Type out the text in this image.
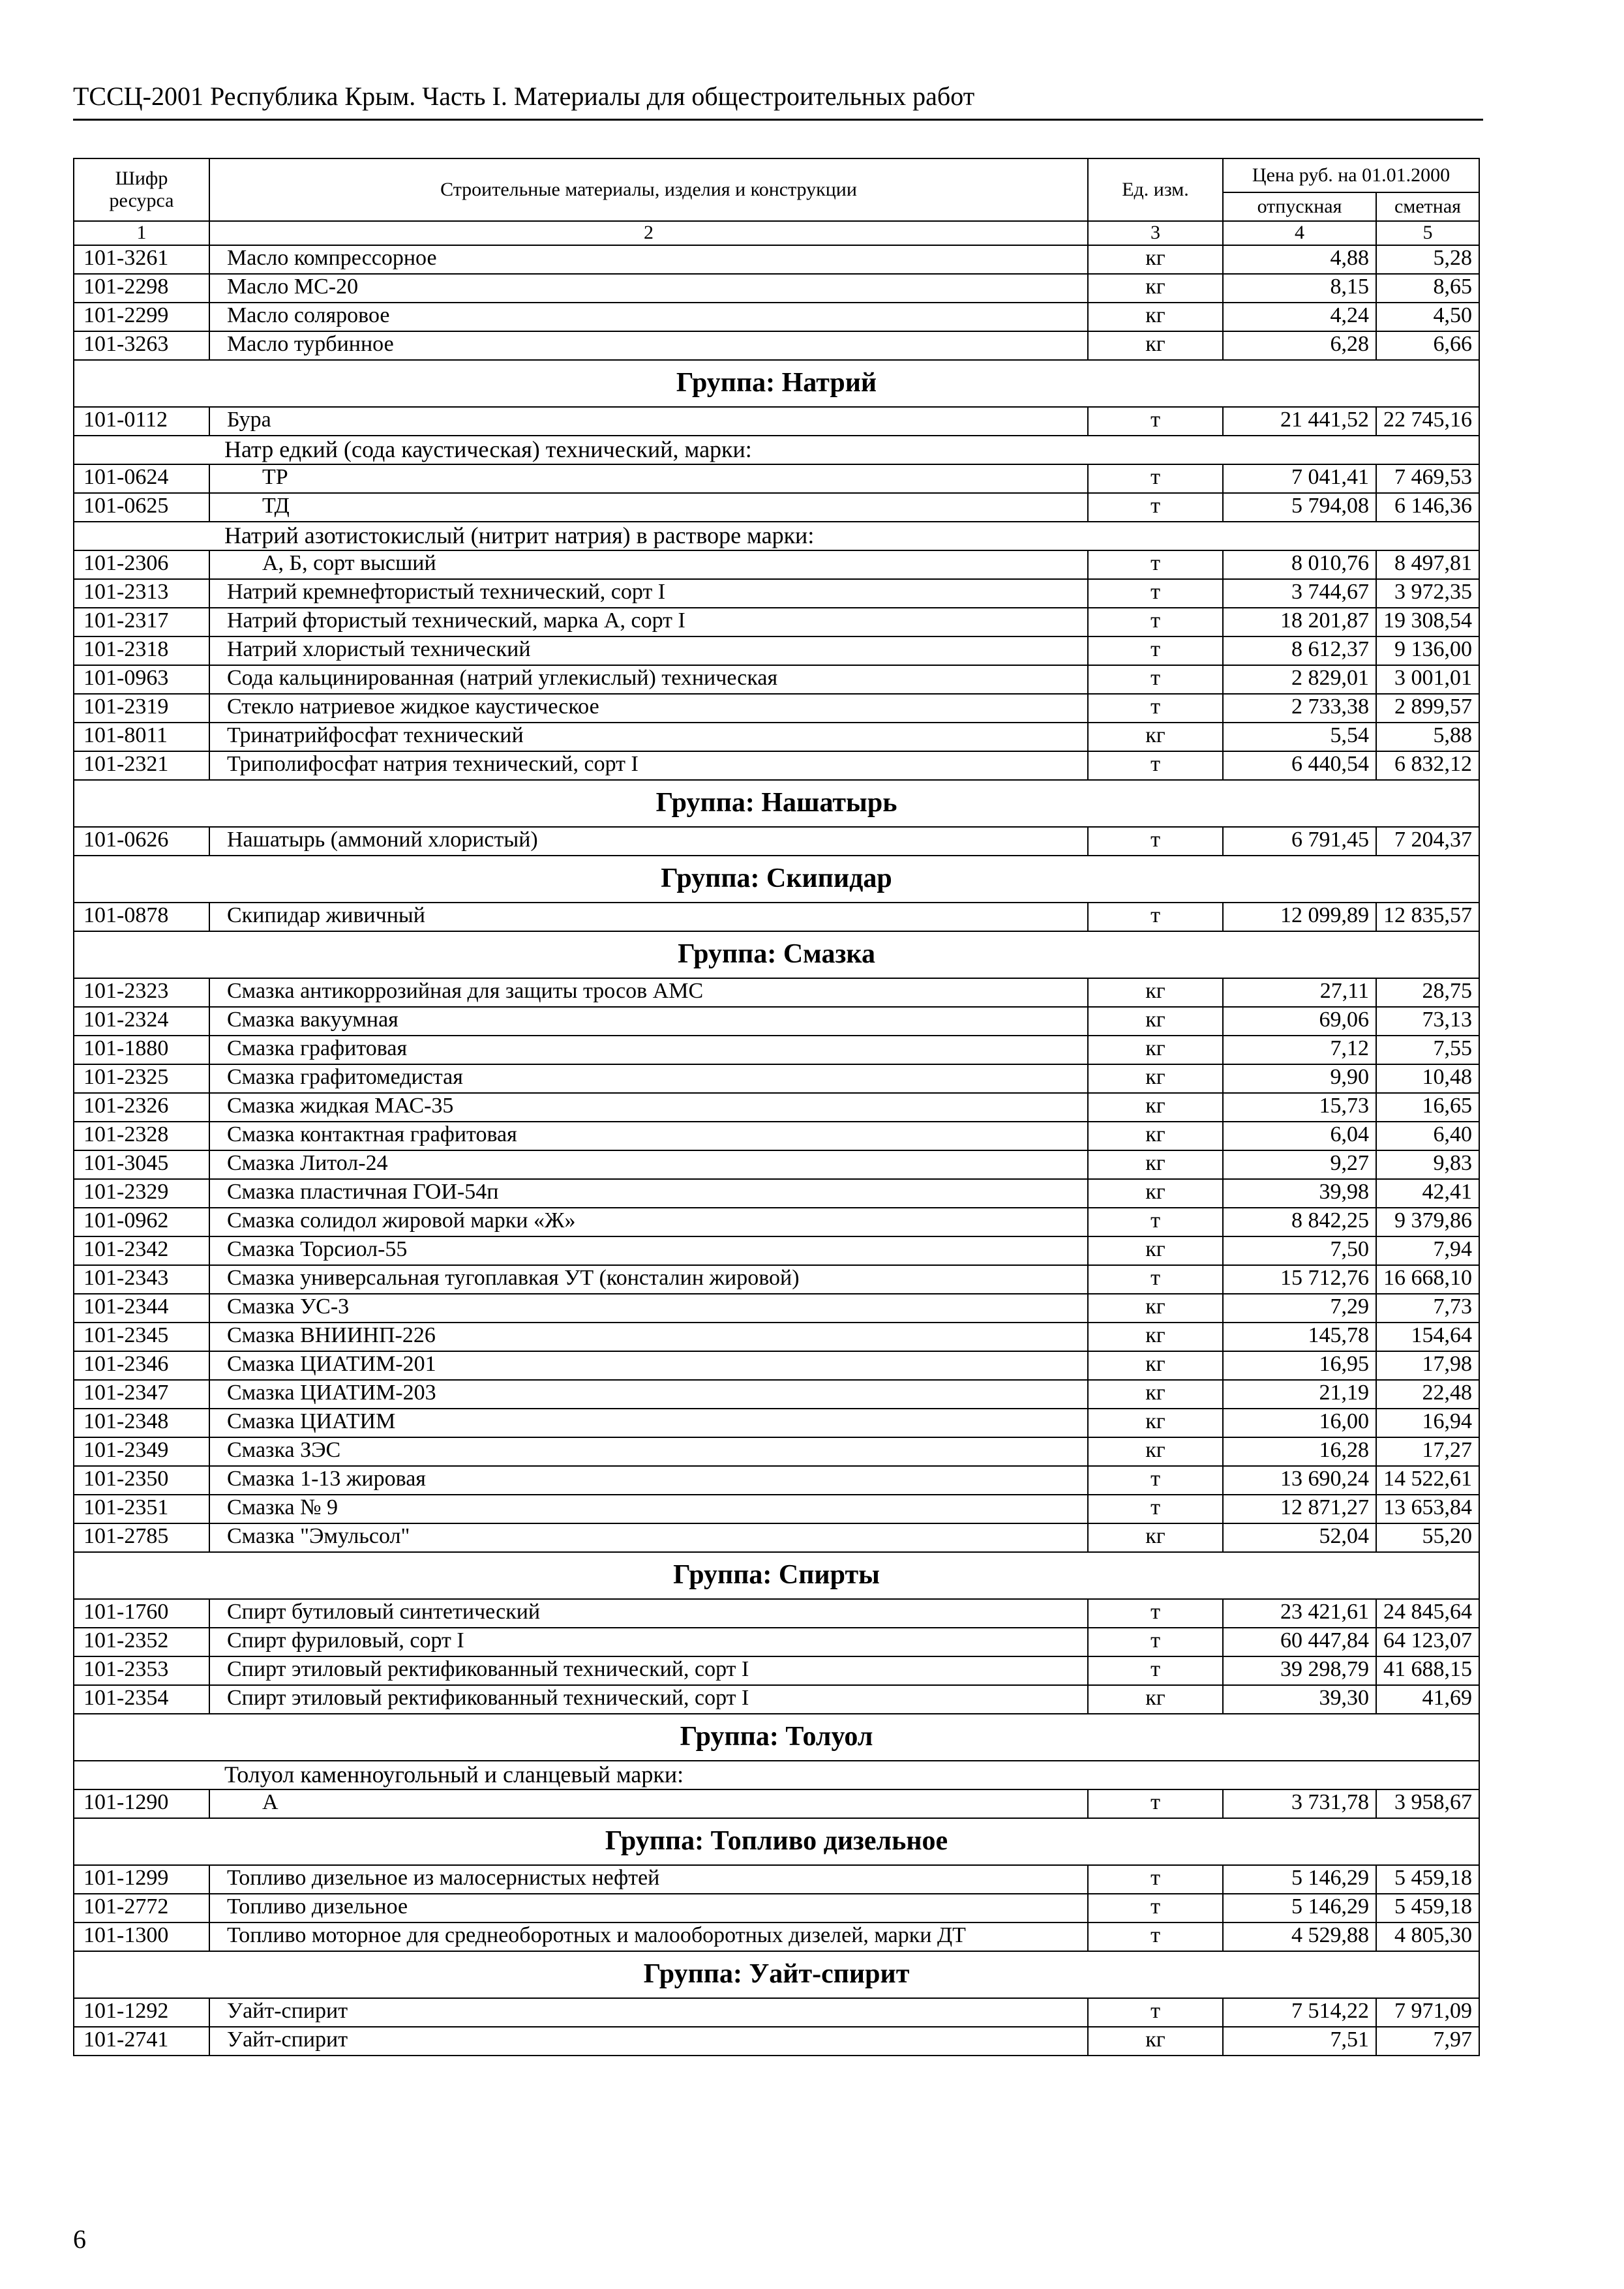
ТССЦ-2001 Республика Крым. Часть I. Материалы для общестроительных работ
Шифр ресурса	Строительные материалы, изделия и конструкции	Ед. изм.	Цена руб. на 01.01.2000	
			отпускная	сметная
1	2	3	4	5
101-3261	Масло компрессорное	кг	4,88	5,28
101-2298	Масло МС-20	кг	8,15	8,65
101-2299	Масло соляровое	кг	4,24	4,50
101-3263	Масло турбинное	кг	6,28	6,66
Группа: Натрий				
101-0112	Бура	т	21 441,52	22 745,16
Натр едкий (сода каустическая) технический, марки:				
101-0624	ТР	т	7 041,41	7 469,53
101-0625	ТД	т	5 794,08	6 146,36
Натрий азотистокислый (нитрит натрия) в растворе марки:				
101-2306	А, Б, сорт высший	т	8 010,76	8 497,81
101-2313	Натрий кремнефтористый технический, сорт I	т	3 744,67	3 972,35
101-2317	Натрий фтористый технический, марка А, сорт I	т	18 201,87	19 308,54
101-2318	Натрий хлористый технический	т	8 612,37	9 136,00
101-0963	Сода кальцинированная (натрий углекислый) техническая	т	2 829,01	3 001,01
101-2319	Стекло натриевое жидкое каустическое	т	2 733,38	2 899,57
101-8011	Тринатрийфосфат технический	кг	5,54	5,88
101-2321	Триполифосфат натрия технический, сорт I	т	6 440,54	6 832,12
Группа: Нашатырь				
101-0626	Нашатырь (аммоний хлористый)	т	6 791,45	7 204,37
Группа: Скипидар				
101-0878	Скипидар живичный	т	12 099,89	12 835,57
Группа: Смазка				
101-2323	Смазка антикоррозийная для защиты тросов АМС	кг	27,11	28,75
101-2324	Смазка вакуумная	кг	69,06	73,13
101-1880	Смазка графитовая	кг	7,12	7,55
101-2325	Смазка графитомедистая	кг	9,90	10,48
101-2326	Смазка жидкая МАС-35	кг	15,73	16,65
101-2328	Смазка контактная графитовая	кг	6,04	6,40
101-3045	Смазка Литол-24	кг	9,27	9,83
101-2329	Смазка пластичная ГОИ-54п	кг	39,98	42,41
101-0962	Смазка солидол жировой марки «Ж»	т	8 842,25	9 379,86
101-2342	Смазка Торсиол-55	кг	7,50	7,94
101-2343	Смазка универсальная тугоплавкая УТ (консталин жировой)	т	15 712,76	16 668,10
101-2344	Смазка УС-3	кг	7,29	7,73
101-2345	Смазка ВНИИНП-226	кг	145,78	154,64
101-2346	Смазка ЦИАТИМ-201	кг	16,95	17,98
101-2347	Смазка ЦИАТИМ-203	кг	21,19	22,48
101-2348	Смазка ЦИАТИМ	кг	16,00	16,94
101-2349	Смазка ЗЭС	кг	16,28	17,27
101-2350	Смазка 1-13 жировая	т	13 690,24	14 522,61
101-2351	Смазка № 9	т	12 871,27	13 653,84
101-2785	Смазка "Эмульсол"	кг	52,04	55,20
Группа: Спирты				
101-1760	Спирт бутиловый синтетический	т	23 421,61	24 845,64
101-2352	Спирт фуриловый, сорт I	т	60 447,84	64 123,07
101-2353	Спирт этиловый ректификованный технический, сорт I	т	39 298,79	41 688,15
101-2354	Спирт этиловый ректификованный технический, сорт I	кг	39,30	41,69
Группа: Толуол				
Толуол каменноугольный и сланцевый марки:				
101-1290	А	т	3 731,78	3 958,67
Группа: Топливо дизельное				
101-1299	Топливо дизельное из малосернистых нефтей	т	5 146,29	5 459,18
101-2772	Топливо дизельное	т	5 146,29	5 459,18
101-1300	Топливо моторное для среднеоборотных и малооборотных дизелей, марки ДТ	т	4 529,88	4 805,30
Группа: Уайт-спирит				
101-1292	Уайт-спирит	т	7 514,22	7 971,09
101-2741	Уайт-спирит	кг	7,51	7,97
6
